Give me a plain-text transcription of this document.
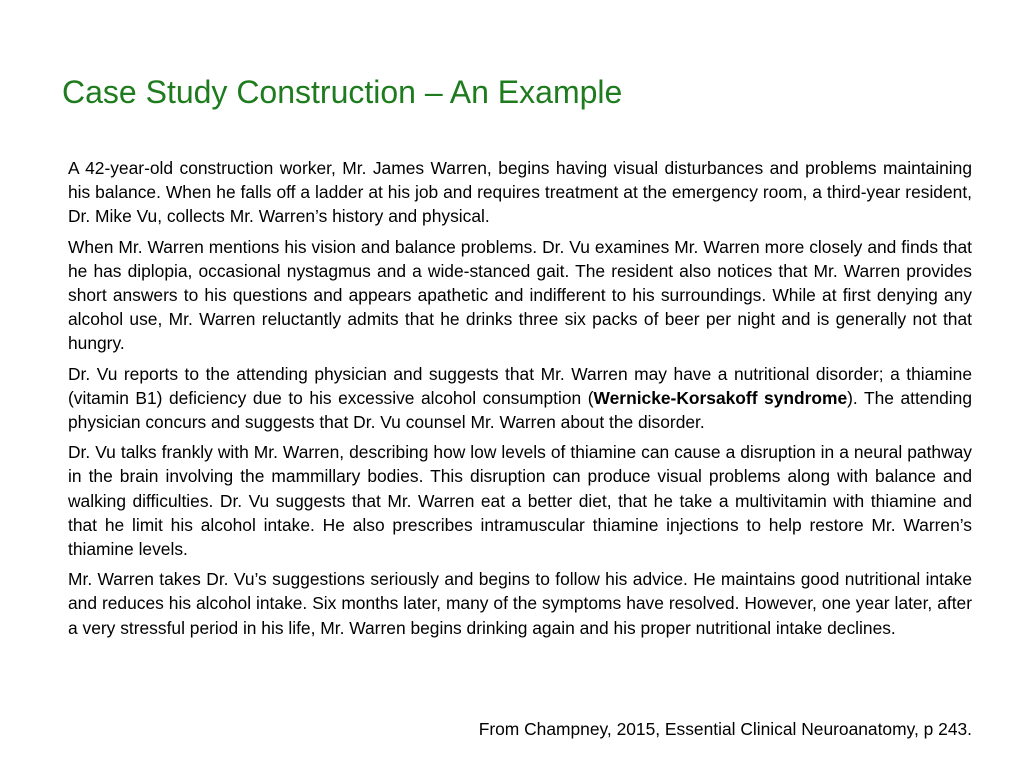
Case Study Construction – An Example

A 42-year-old construction worker, Mr. James Warren, begins having visual disturbances and problems maintaining his balance. When he falls off a ladder at his job and requires treatment at the emergency room, a third-year resident, Dr. Mike Vu, collects Mr. Warren’s history and physical.

When Mr. Warren mentions his vision and balance problems. Dr. Vu examines Mr. Warren more closely and finds that he has diplopia, occasional nystagmus and a wide-stanced gait. The resident also notices that Mr. Warren provides short answers to his questions and appears apathetic and indifferent to his surroundings. While at first denying any alcohol use, Mr. Warren reluctantly admits that he drinks three six packs of beer per night and is generally not that hungry.

Dr. Vu reports to the attending physician and suggests that Mr. Warren may have a nutritional disorder; a thiamine (vitamin B1) deficiency due to his excessive alcohol consumption (Wernicke-Korsakoff syndrome). The attending physician concurs and suggests that Dr. Vu counsel Mr. Warren about the disorder.

Dr. Vu talks frankly with Mr. Warren, describing how low levels of thiamine can cause a disruption in a neural pathway in the brain involving the mammillary bodies. This disruption can produce visual problems along with balance and walking difficulties. Dr. Vu suggests that Mr. Warren eat a better diet, that he take a multivitamin with thiamine and that he limit his alcohol intake. He also prescribes intramuscular thiamine injections to help restore Mr. Warren’s thiamine levels.

Mr. Warren takes Dr. Vu’s suggestions seriously and begins to follow his advice. He maintains good nutritional intake and reduces his alcohol intake. Six months later, many of the symptoms have resolved. However, one year later, after a very stressful period in his life, Mr. Warren begins drinking again and his proper nutritional intake declines.

From Champney, 2015, Essential Clinical Neuroanatomy, p 243.
